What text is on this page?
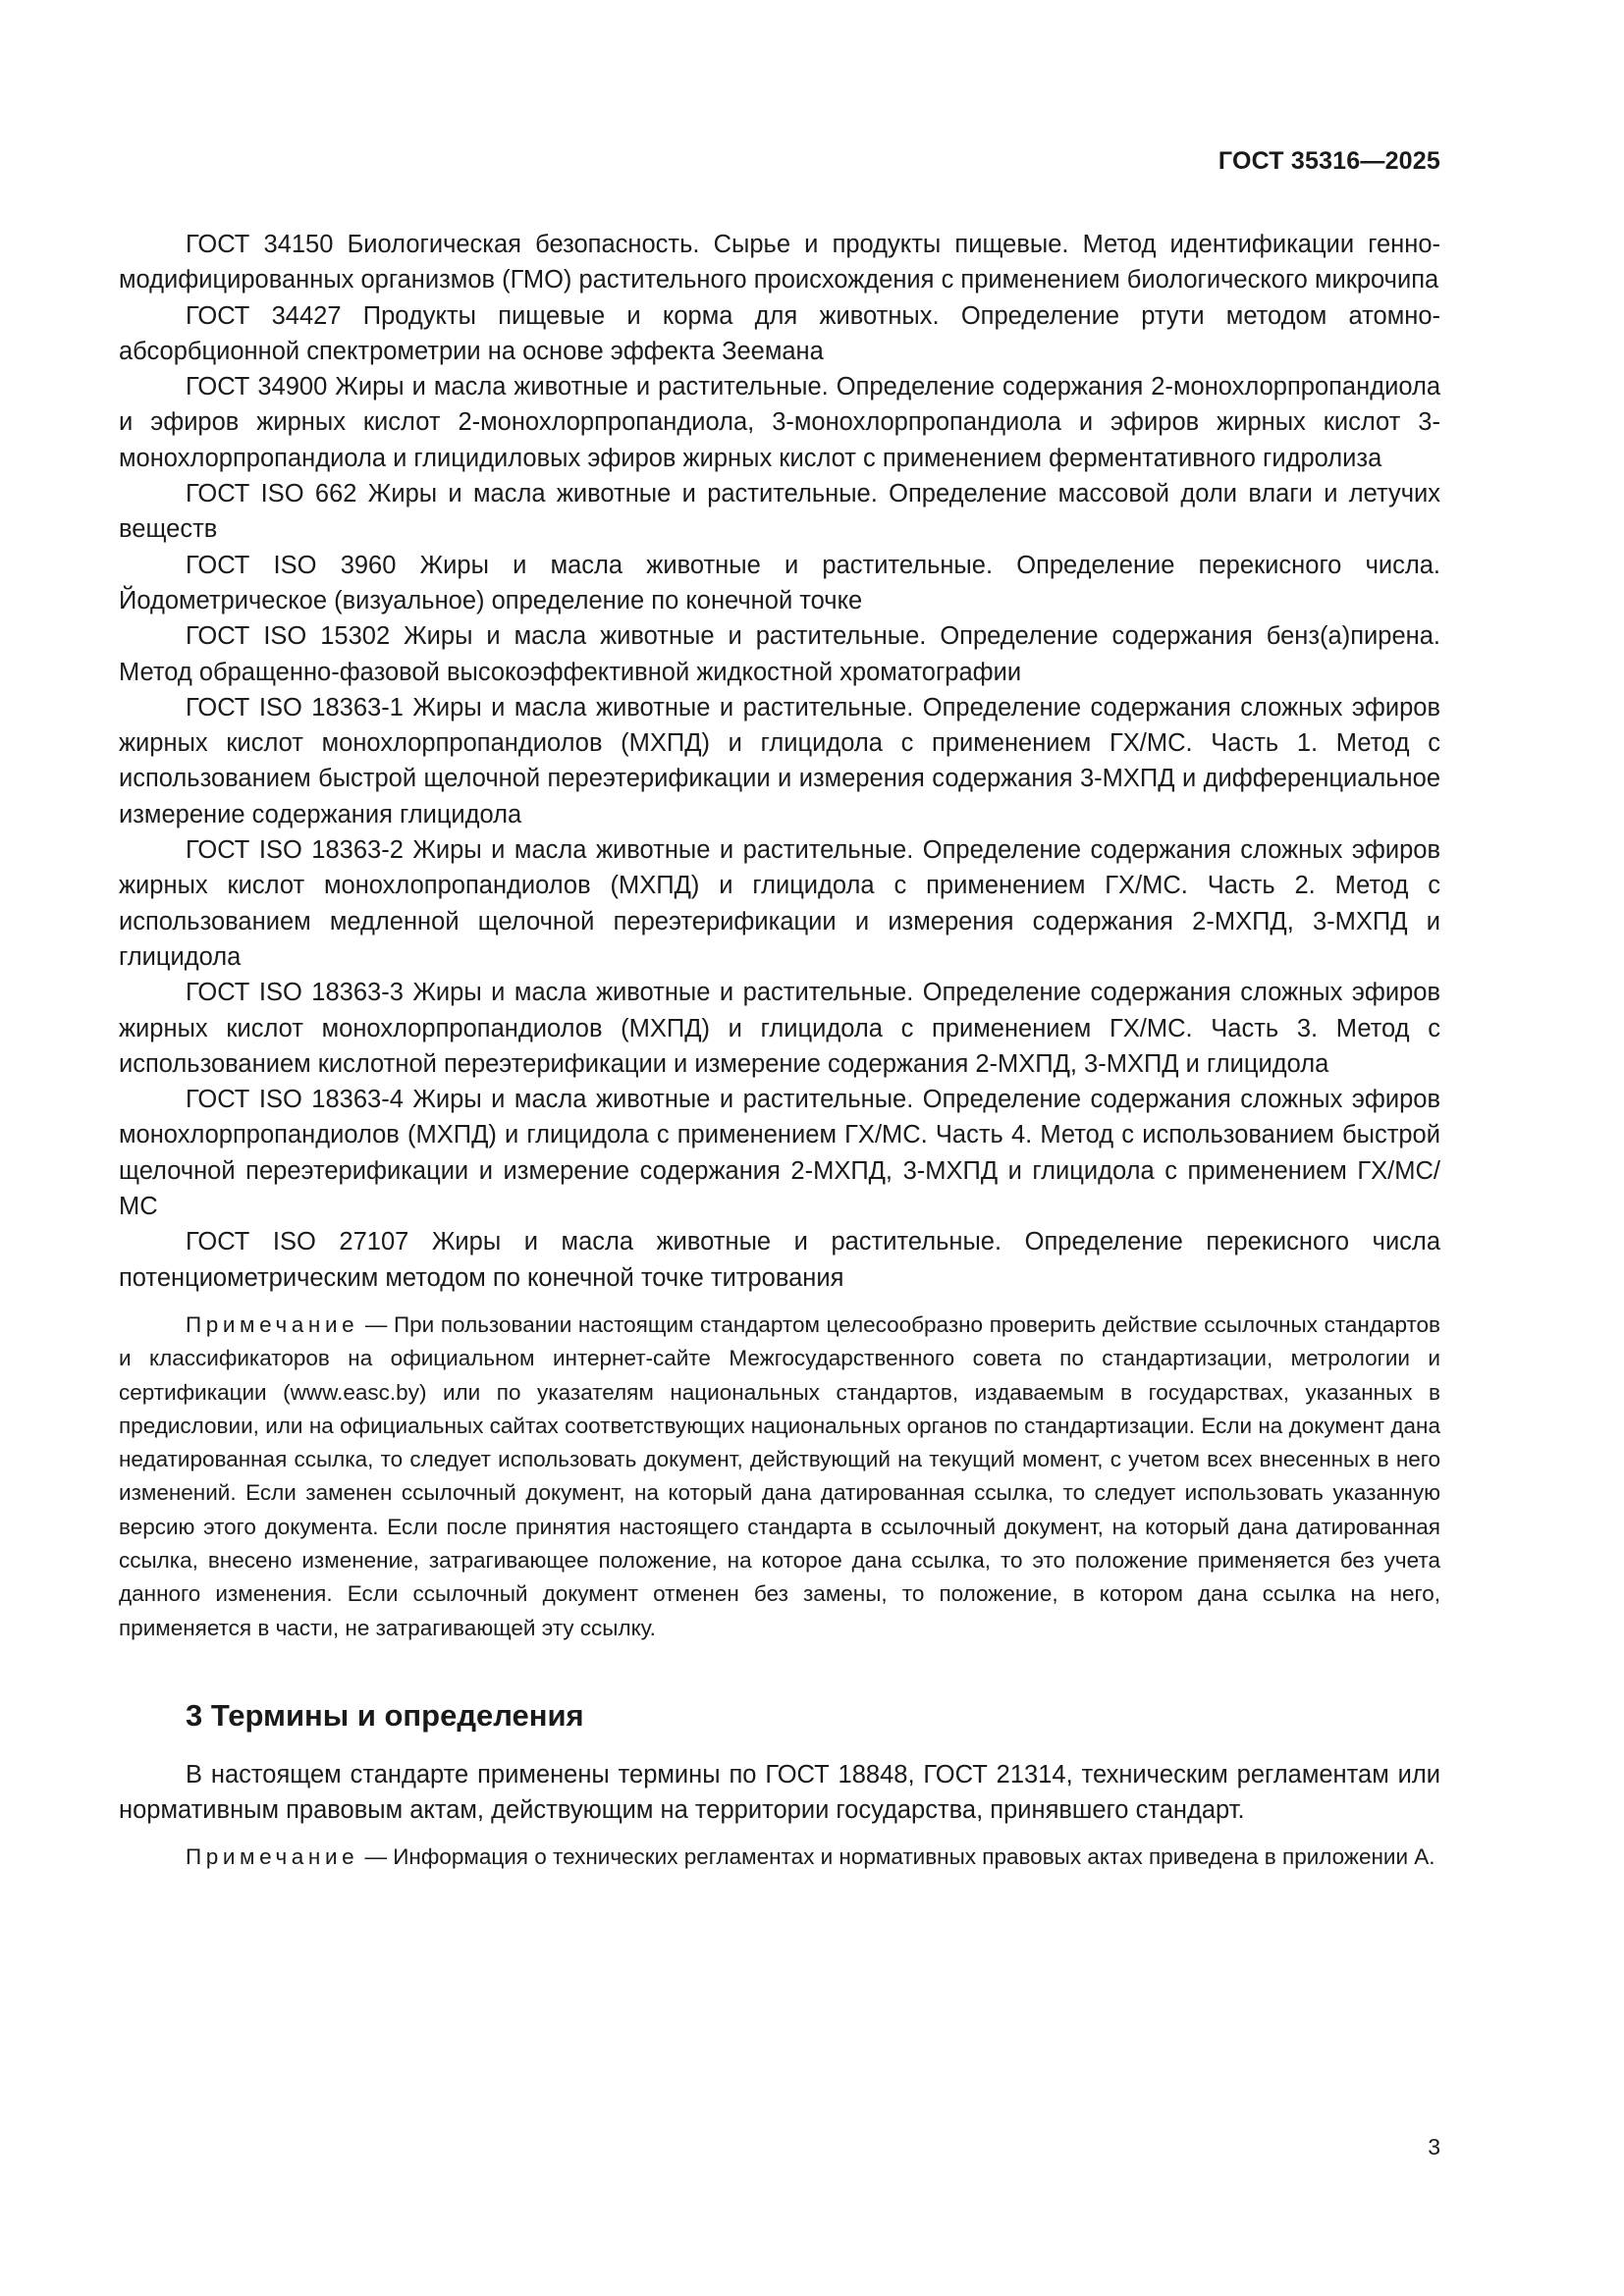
ГОСТ 35316—2025

ГОСТ 34150 Биологическая безопасность. Сырье и продукты пищевые. Метод идентификации генно-модифицированных организмов (ГМО) растительного происхождения с применением биологического микрочипа

ГОСТ 34427 Продукты пищевые и корма для животных. Определение ртути методом атомно-абсорбционной спектрометрии на основе эффекта Зеемана

ГОСТ 34900 Жиры и масла животные и растительные. Определение содержания 2-монохлорпропандиола и эфиров жирных кислот 2-монохлорпропандиола, 3-монохлорпропандиола и эфиров жирных кислот 3-монохлорпропандиола и глицидиловых эфиров жирных кислот с применением ферментативного гидролиза

ГОСТ ISO 662 Жиры и масла животные и растительные. Определение массовой доли влаги и летучих веществ

ГОСТ ISO 3960 Жиры и масла животные и растительные. Определение перекисного числа. Йодометрическое (визуальное) определение по конечной точке

ГОСТ ISO 15302 Жиры и масла животные и растительные. Определение содержания бенз(а)пирена. Метод обращенно-фазовой высокоэффективной жидкостной хроматографии

ГОСТ ISO 18363-1 Жиры и масла животные и растительные. Определение содержания сложных эфиров жирных кислот монохлорпропандиолов (МХПД) и глицидола с применением ГХ/МС. Часть 1. Метод с использованием быстрой щелочной переэтерификации и измерения содержания 3-МХПД и дифференциальное измерение содержания глицидола

ГОСТ ISO 18363-2 Жиры и масла животные и растительные. Определение содержания сложных эфиров жирных кислот монохлопропандиолов (МХПД) и глицидола с применением ГХ/МС. Часть 2. Метод с использованием медленной щелочной переэтерификации и измерения содержания 2-МХПД, 3-МХПД и глицидола

ГОСТ ISO 18363-3 Жиры и масла животные и растительные. Определение содержания сложных эфиров жирных кислот монохлорпропандиолов (МХПД) и глицидола с применением ГХ/МС. Часть 3. Метод с использованием кислотной переэтерификации и измерение содержания 2-МХПД, 3-МХПД и глицидола

ГОСТ ISO 18363-4 Жиры и масла животные и растительные. Определение содержания сложных эфиров монохлорпропандиолов (МХПД) и глицидола с применением ГХ/МС. Часть 4. Метод с использованием быстрой щелочной переэтерификации и измерение содержания 2-МХПД, 3-МХПД и глицидола с применением ГХ/МС/МС

ГОСТ ISO 27107 Жиры и масла животные и растительные. Определение перекисного числа потенциометрическим методом по конечной точке титрования

Примечание — При пользовании настоящим стандартом целесообразно проверить действие ссылочных стандартов и классификаторов на официальном интернет-сайте Межгосударственного совета по стандартизации, метрологии и сертификации (www.easc.by) или по указателям национальных стандартов, издаваемым в государствах, указанных в предисловии, или на официальных сайтах соответствующих национальных органов по стандартизации. Если на документ дана недатированная ссылка, то следует использовать документ, действующий на текущий момент, с учетом всех внесенных в него изменений. Если заменен ссылочный документ, на который дана датированная ссылка, то следует использовать указанную версию этого документа. Если после принятия настоящего стандарта в ссылочный документ, на который дана датированная ссылка, внесено изменение, затрагивающее положение, на которое дана ссылка, то это положение применяется без учета данного изменения. Если ссылочный документ отменен без замены, то положение, в котором дана ссылка на него, применяется в части, не затрагивающей эту ссылку.

3 Термины и определения

В настоящем стандарте применены термины по ГОСТ 18848, ГОСТ 21314, техническим регламентам или нормативным правовым актам, действующим на территории государства, принявшего стандарт.

Примечание — Информация о технических регламентах и нормативных правовых актах приведена в приложении А.

3
